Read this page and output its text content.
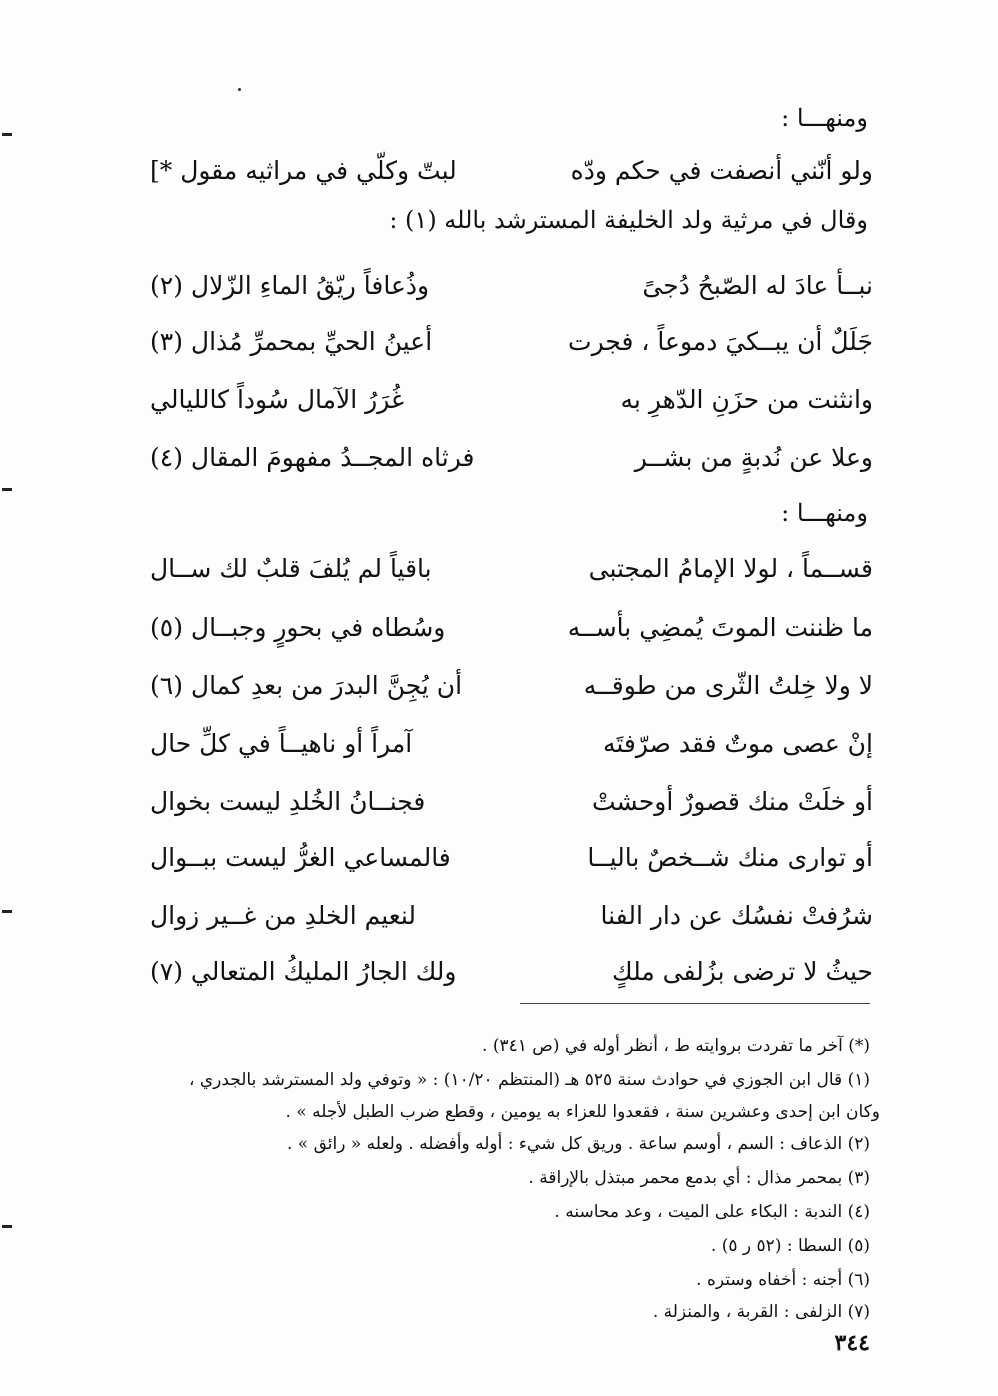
ومنهـــا :
ولو أنّني أنصفت في حكم ودّه
لبتّ وكلّي في مراثيه مقول *]
وقال في مرثية ولد الخليفة المسترشد بالله (١) :
نبــأ عادَ له الصّبحُ دُجىً
وذُعافاً ريّقُ الماءِ الزّلال (٢)
جَلَلٌ أن يبــكيَ دموعاً ، فجرت
أعينُ الحيِّ بمحمرِّ مُذال (٣)
وانثنت من حزَنِ الدّهرِ به
غُرَرُ الآمال سُوداً كالليالي
وعلا عن نُدبةٍ من بشــر
فرثاه المجــدُ مفهومَ المقال (٤)
ومنهـــا :
قســماً ، لولا الإمامُ المجتبى
باقياً لم يُلفَ قلبٌ لك ســال
ما ظننت الموتَ يُمضِي بأســه
وسُطاه في بحورٍ وجبــال (٥)
لا ولا خِلتُ الثّرى من طوقــه
أن يُجِنَّ البدرَ من بعدِ كمال (٦)
إنْ عصى موتٌ فقد صرّفتَه
آمراً أو ناهيــاً في كلِّ حال
أو خلَتْ منك قصورٌ أوحشتْ
فجنــانُ الخُلدِ ليست بخوال
أو توارى منك شــخصٌ باليــا
فالمساعي الغرُّ ليست ببــوال
شرُفتْ نفسُك عن دار الفنا
لنعيم الخلدِ من غــير زوال
حيثُ لا ترضى بزُلفى ملكٍ
ولك الجارُ المليكُ المتعالي (٧)
(*) آخر ما تفردت بروايته ط ، أنظر أوله في (ص ٣٤١) .
(١) قال ابن الجوزي في حوادث سنة ٥٢٥ هـ (المنتظم ١٠/٢٠) : « وتوفي ولد المسترشد بالجدري ،
وكان ابن إحدى وعشرين سنة ، فقعدوا للعزاء به يومين ، وقطع ضرب الطبل لأجله » .
(٢) الذعاف : السم ، أوسم ساعة . وريق كل شيء : أوله وأفضله . ولعله « رائق » .
(٣) بمحمر مذال : أي بدمع محمر مبتذل بالإراقة .
(٤) الندبة : البكاء على الميت ، وعد محاسنه .
(٥) السطا : (٥٢ ر ٥) .
(٦) أجنه : أخفاه وستره .
(٧) الزلفى : القربة ، والمنزلة .
٣٤٤
